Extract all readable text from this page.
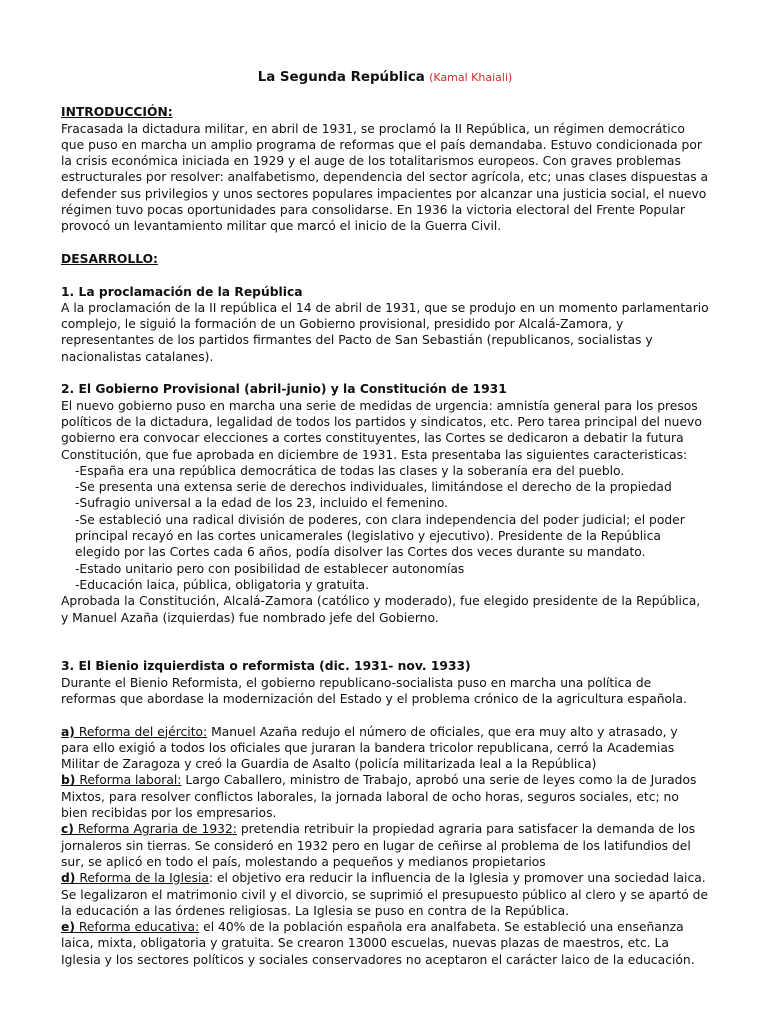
La Segunda República (Kamal Khaiali)

INTRODUCCIÓN:

Fracasada la dictadura militar, en abril de 1931, se proclamó la II República, un régimen democrático que puso en marcha un amplio programa de reformas que el país demandaba. Estuvo condicionada por la crisis económica iniciada en 1929 y el auge de los totalitarismos europeos. Con graves problemas estructurales por resolver: analfabetismo, dependencia del sector agrícola, etc; unas clases dispuestas a defender sus privilegios y unos sectores populares impacientes por alcanzar una justicia social, el nuevo régimen tuvo pocas oportunidades para consolidarse. En 1936 la victoria electoral del Frente Popular provocó un levantamiento militar que marcó el inicio de la Guerra Civil.

DESARROLLO:

1. La proclamación de la República

A la proclamación de la II república el 14 de abril de 1931, que se produjo en un momento parlamentario complejo, le siguió la formación de un Gobierno provisional, presidido por Alcalá-Zamora, y representantes de los partidos firmantes del Pacto de San Sebastián (republicanos, socialistas y nacionalistas catalanes).

2. El Gobierno Provisional (abril-junio) y la Constitución de 1931

El nuevo gobierno puso en marcha una serie de medidas de urgencia: amnistía general para los presos políticos de la dictadura, legalidad de todos los partidos y sindicatos, etc. Pero tarea principal del nuevo gobierno era convocar elecciones a cortes constituyentes, las Cortes se dedicaron a debatir la futura Constitución, que fue aprobada en diciembre de 1931. Esta presentaba las siguientes caracteristicas:

-España era una república democrática de todas las clases y la soberanía era del pueblo.
-Se presenta una extensa serie de derechos individuales, limitándose el derecho de la propiedad
-Sufragio universal a la edad de los 23, incluido el femenino.
-Se estableció una radical división de poderes, con clara independencia del poder judicial; el poder principal recayó en las cortes unicamerales (legislativo y ejecutivo). Presidente de la República elegido por las Cortes cada 6 años, podía disolver las Cortes dos veces durante su mandato.
-Estado unitario pero con posibilidad de establecer autonomías
-Educación laica, pública, obligatoria y gratuita.

Aprobada la Constitución, Alcalá-Zamora (católico y moderado), fue elegido presidente de la República, y Manuel Azaña (izquierdas) fue nombrado jefe del Gobierno.

3. El Bienio izquierdista o reformista (dic. 1931- nov. 1933)

Durante el Bienio Reformista, el gobierno republicano-socialista puso en marcha una política de reformas que abordase la modernización del Estado y el problema crónico de la agricultura española.

a) Reforma del ejército: Manuel Azaña redujo el número de oficiales, que era muy alto y atrasado, y para ello exigió a todos los oficiales que juraran la bandera tricolor republicana, cerró la Academias Militar de Zaragoza y creó la Guardia de Asalto (policía militarizada leal a la República)

b) Reforma laboral: Largo Caballero, ministro de Trabajo, aprobó una serie de leyes como la de Jurados Mixtos, para resolver conflictos laborales, la jornada laboral de ocho horas, seguros sociales, etc; no bien recibidas por los empresarios.

c) Reforma Agraria de 1932: pretendia retribuir la propiedad agraria para satisfacer la demanda de los jornaleros sin tierras. Se consideró en 1932 pero en lugar de ceñirse al problema de los latifundios del sur, se aplicó en todo el país, molestando a pequeños y medianos propietarios

d) Reforma de la Iglesia: el objetivo era reducir la influencia de la Iglesia y promover una sociedad laica. Se legalizaron el matrimonio civil y el divorcio, se suprimió el presupuesto público al clero y se apartó de la educación a las órdenes religiosas. La Iglesia se puso en contra de la República.

e) Reforma educativa: el 40% de la población española era analfabeta. Se estableció una enseñanza laica, mixta, obligatoria y gratuita. Se crearon 13000 escuelas, nuevas plazas de maestros, etc. La Iglesia y los sectores políticos y sociales conservadores no aceptaron el carácter laico de la educación.
